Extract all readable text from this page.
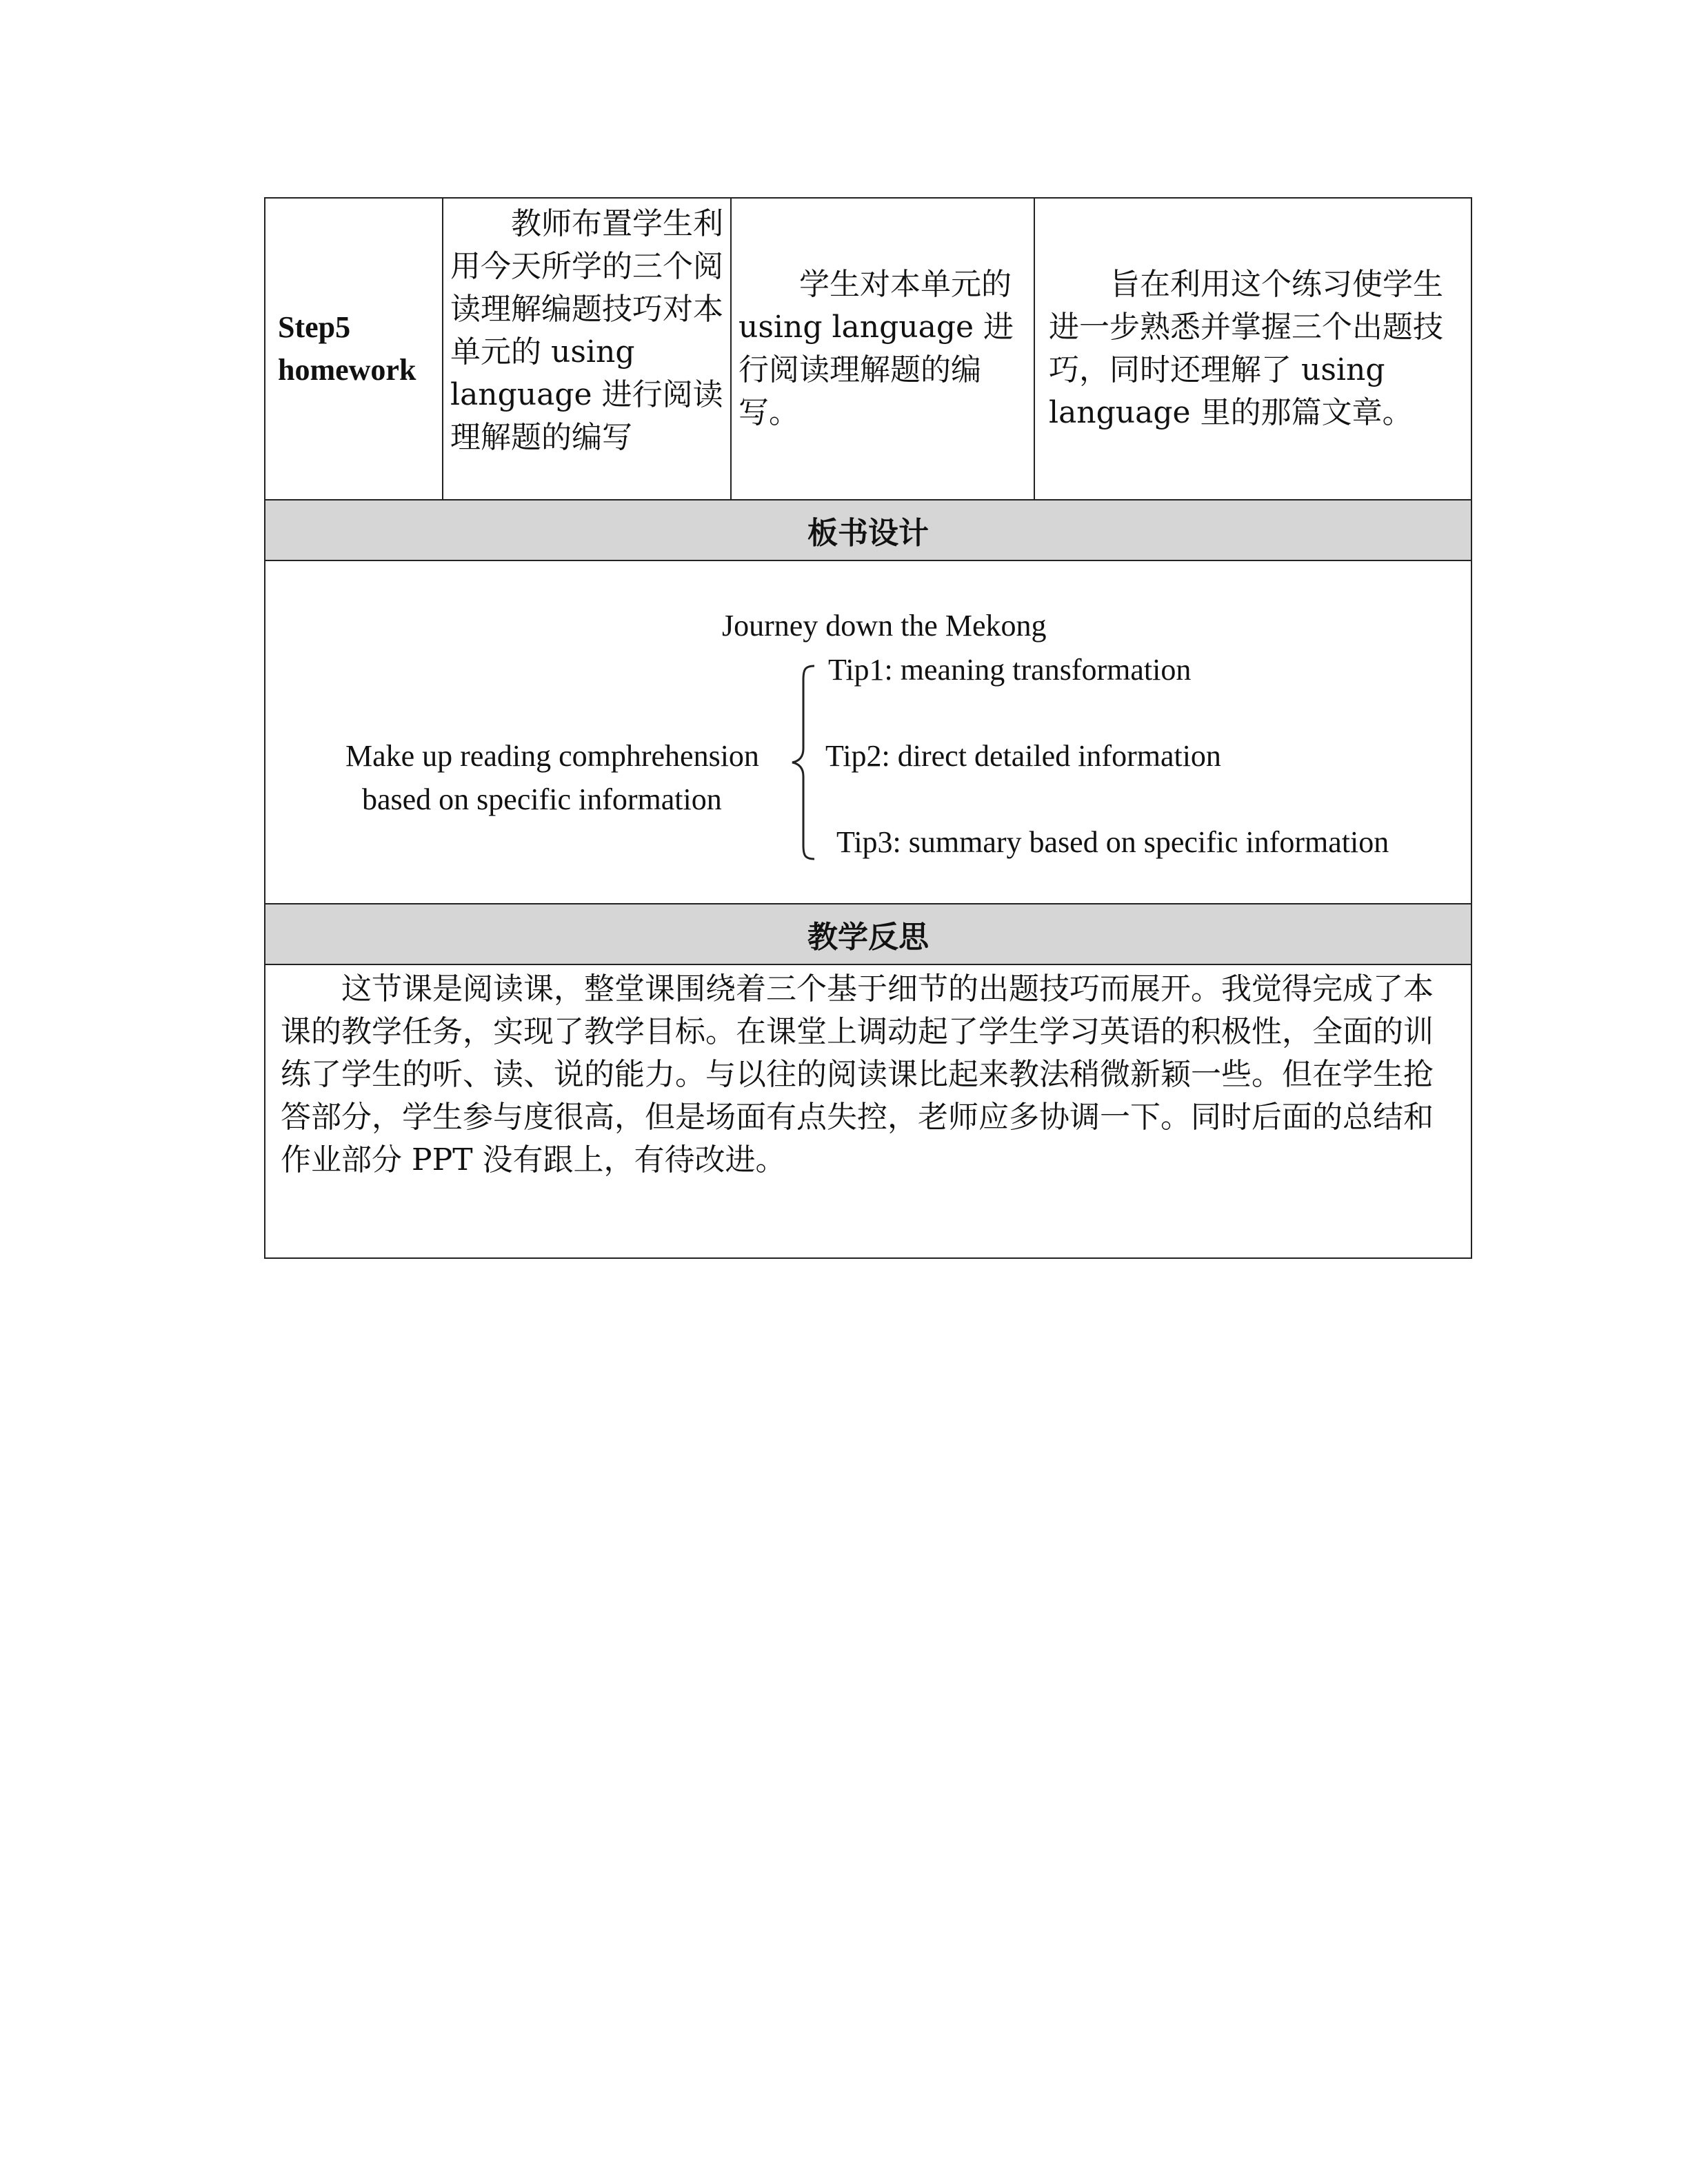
Step5
homework
教师布置学生利用今天所学的三个阅读理解编题技巧对本单元的 using language 进行阅读理解题的编写
学生对本单元的 using language 进行阅读理解题的编写。
旨在利用这个练习使学生进一步熟悉并掌握三个出题技巧，同时还理解了 using language 里的那篇文章。
板书设计
Journey down the Mekong
Make up reading comphrehension
based on specific information
Tip1: meaning transformation
Tip2: direct detailed information
Tip3: summary based on specific information
教学反思
这节课是阅读课，整堂课围绕着三个基于细节的出题技巧而展开。我觉得完成了本课的教学任务，实现了教学目标。在课堂上调动起了学生学习英语的积极性，全面的训练了学生的听、读、说的能力。与以往的阅读课比起来教法稍微新颖一些。但在学生抢答部分，学生参与度很高，但是场面有点失控，老师应多协调一下。同时后面的总结和作业部分 PPT 没有跟上，有待改进。
